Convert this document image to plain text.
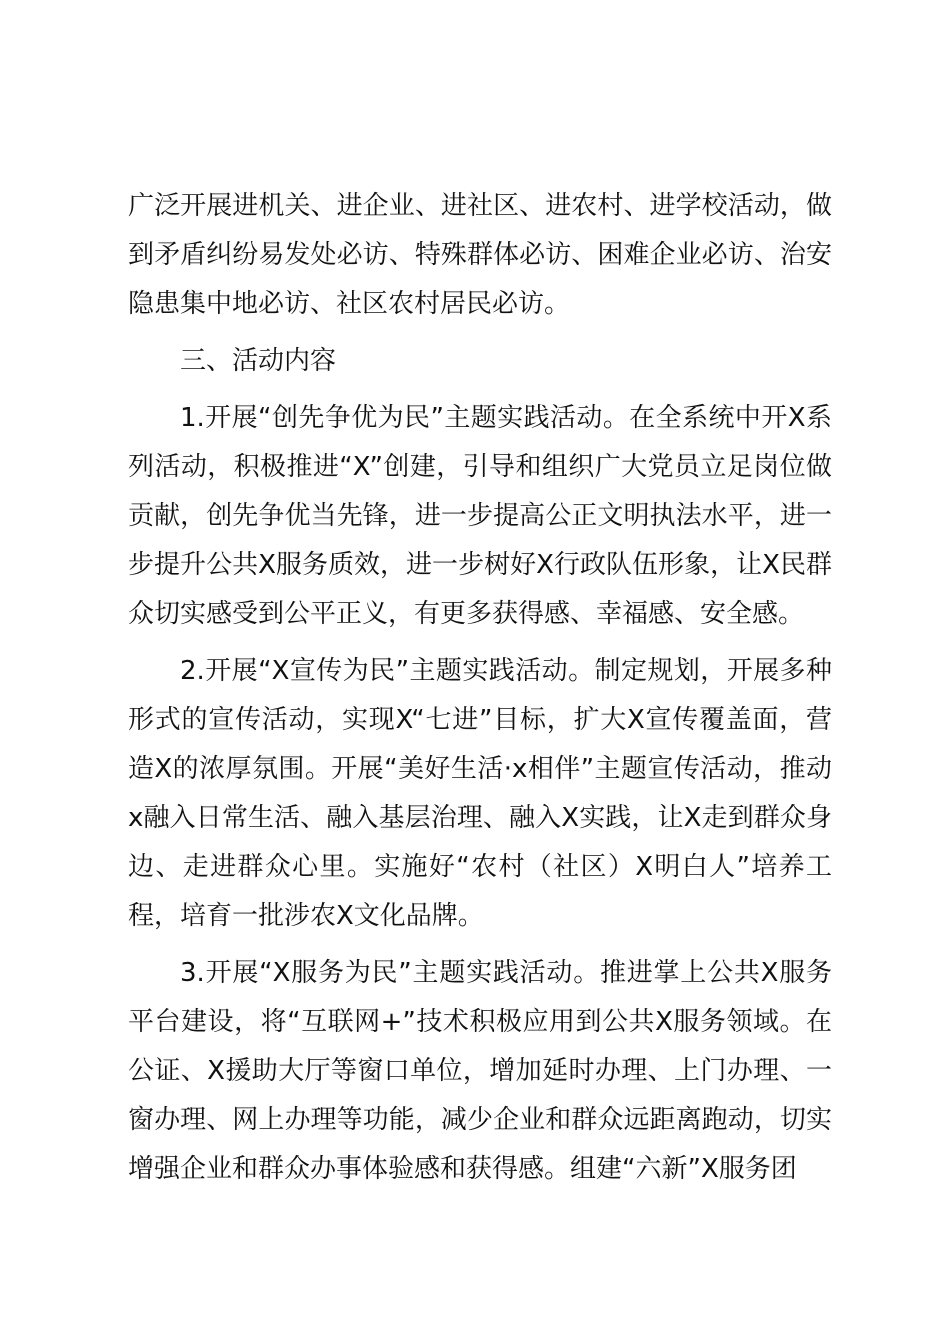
广泛开展进机关、进企业、进社区、进农村、进学校活动，做到矛盾纠纷易发处必访、特殊群体必访、困难企业必访、治安隐患集中地必访、社区农村居民必访。

三、活动内容

1.开展“创先争优为民”主题实践活动。在全系统中开X系列活动，积极推进“X”创建，引导和组织广大党员立足岗位做贡献，创先争优当先锋，进一步提高公正文明执法水平，进一步提升公共X服务质效，进一步树好X行政队伍形象，让X民群众切实感受到公平正义，有更多获得感、幸福感、安全感。

2.开展“X宣传为民”主题实践活动。制定规划，开展多种形式的宣传活动，实现X“七进”目标，扩大X宣传覆盖面，营造X的浓厚氛围。开展“美好生活·x相伴”主题宣传活动，推动x融入日常生活、融入基层治理、融入X实践，让X走到群众身边、走进群众心里。实施好“农村（社区）X明白人”培养工程，培育一批涉农X文化品牌。

3.开展“X服务为民”主题实践活动。推进掌上公共X服务平台建设，将“互联网+”技术积极应用到公共X服务领域。在公证、X援助大厅等窗口单位，增加延时办理、上门办理、一窗办理、网上办理等功能，减少企业和群众远距离跑动，切实增强企业和群众办事体验感和获得感。组建“六新”X服务团
